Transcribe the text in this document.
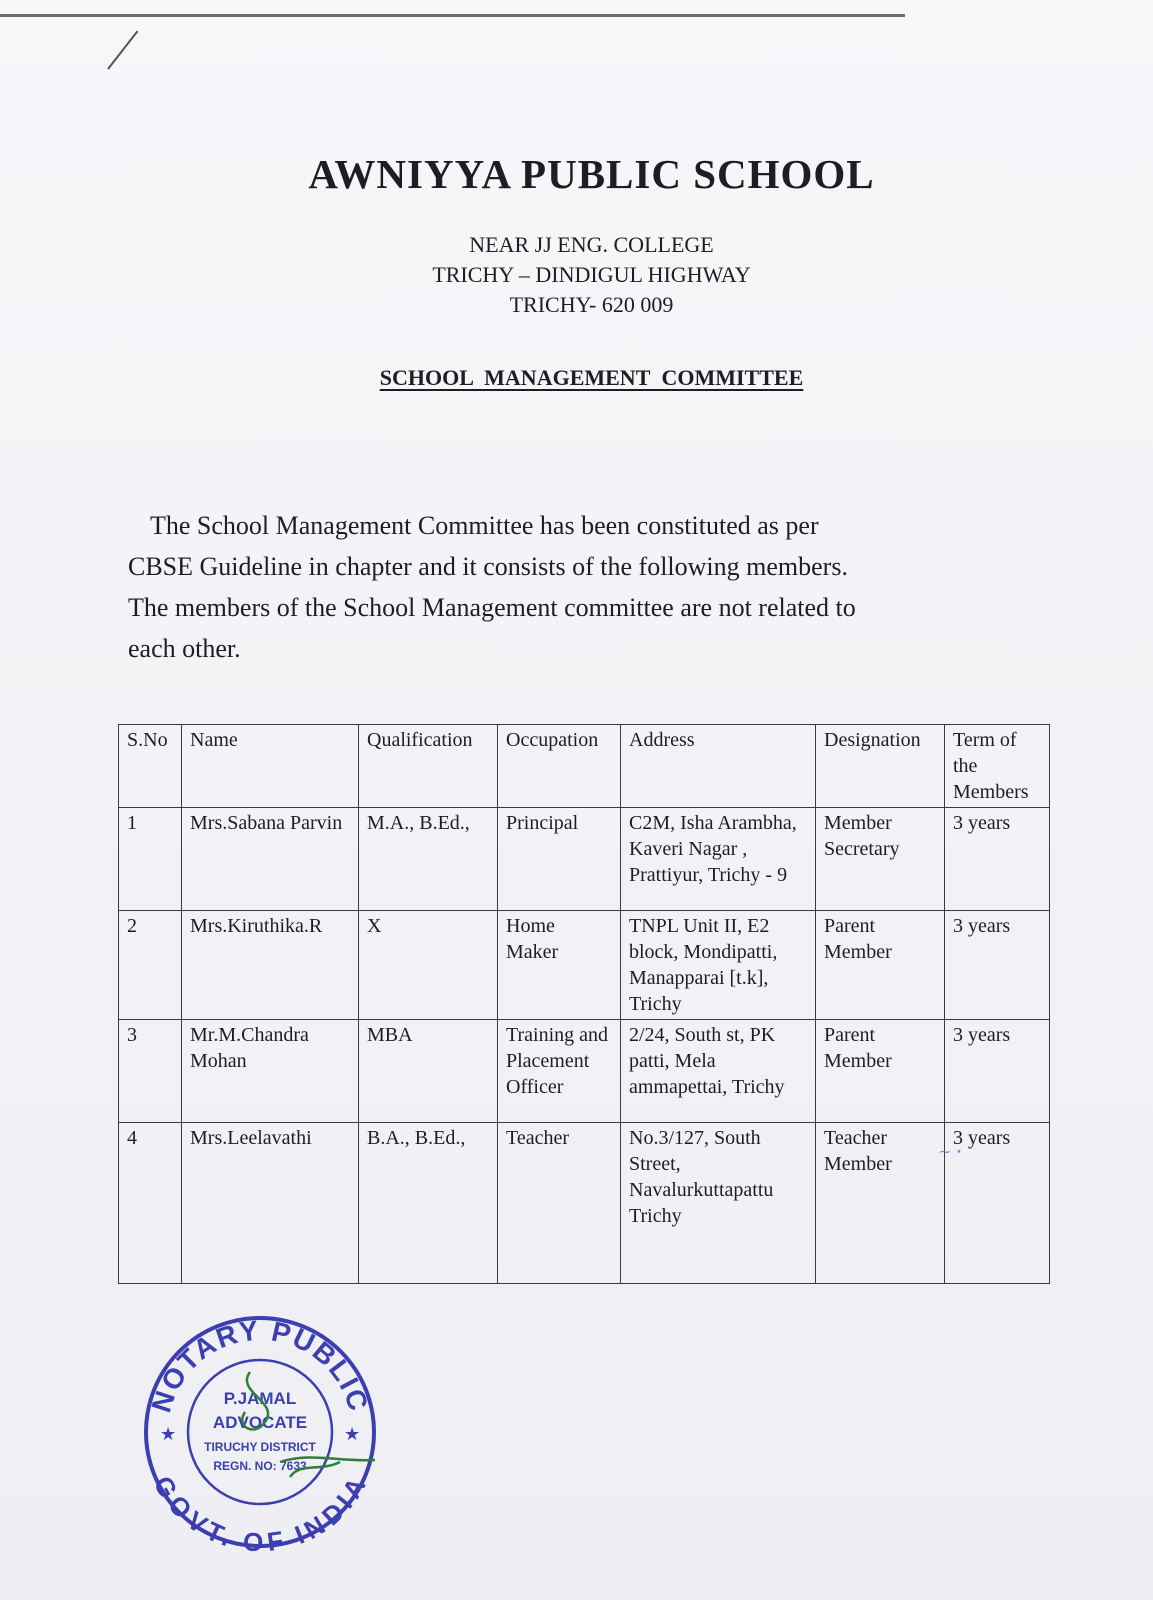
AWNIYYA PUBLIC SCHOOL
NEAR JJ ENG. COLLEGE
TRICHY – DINDIGUL HIGHWAY
TRICHY- 620 009
SCHOOL MANAGEMENT COMMITTEE
The School Management Committee has been constituted as per
CBSE Guideline in chapter and it consists of the following members.
The members of the School Management committee are not related to
each other.
S.No	Name	Qualification	Occupation	Address	Designation	Term of the Members
1	Mrs.Sabana Parvin	M.A., B.Ed.,	Principal	C2M, Isha Arambha, Kaveri Nagar , Prattiyur, Trichy - 9	Member Secretary	3 years
2	Mrs.Kiruthika.R	X	Home Maker	TNPL Unit II, E2 block, Mondipatti, Manapparai [t.k], Trichy	Parent Member	3 years
3	Mr.M.Chandra Mohan	MBA	Training and Placement Officer	2/24, South st, PK patti, Mela ammapettai, Trichy	Parent Member	3 years
4	Mrs.Leelavathi	B.A., B.Ed.,	Teacher	No.3/127, South Street, Navalurkuttapattu Trichy	Teacher Member	3 years
NOTARY PUBLIC
GOVT. OF INDIA
★	★
P.JAMAL
ADVOCATE
TIRUCHY DISTRICT
REGN. NO: 7633
~ ꞏ
